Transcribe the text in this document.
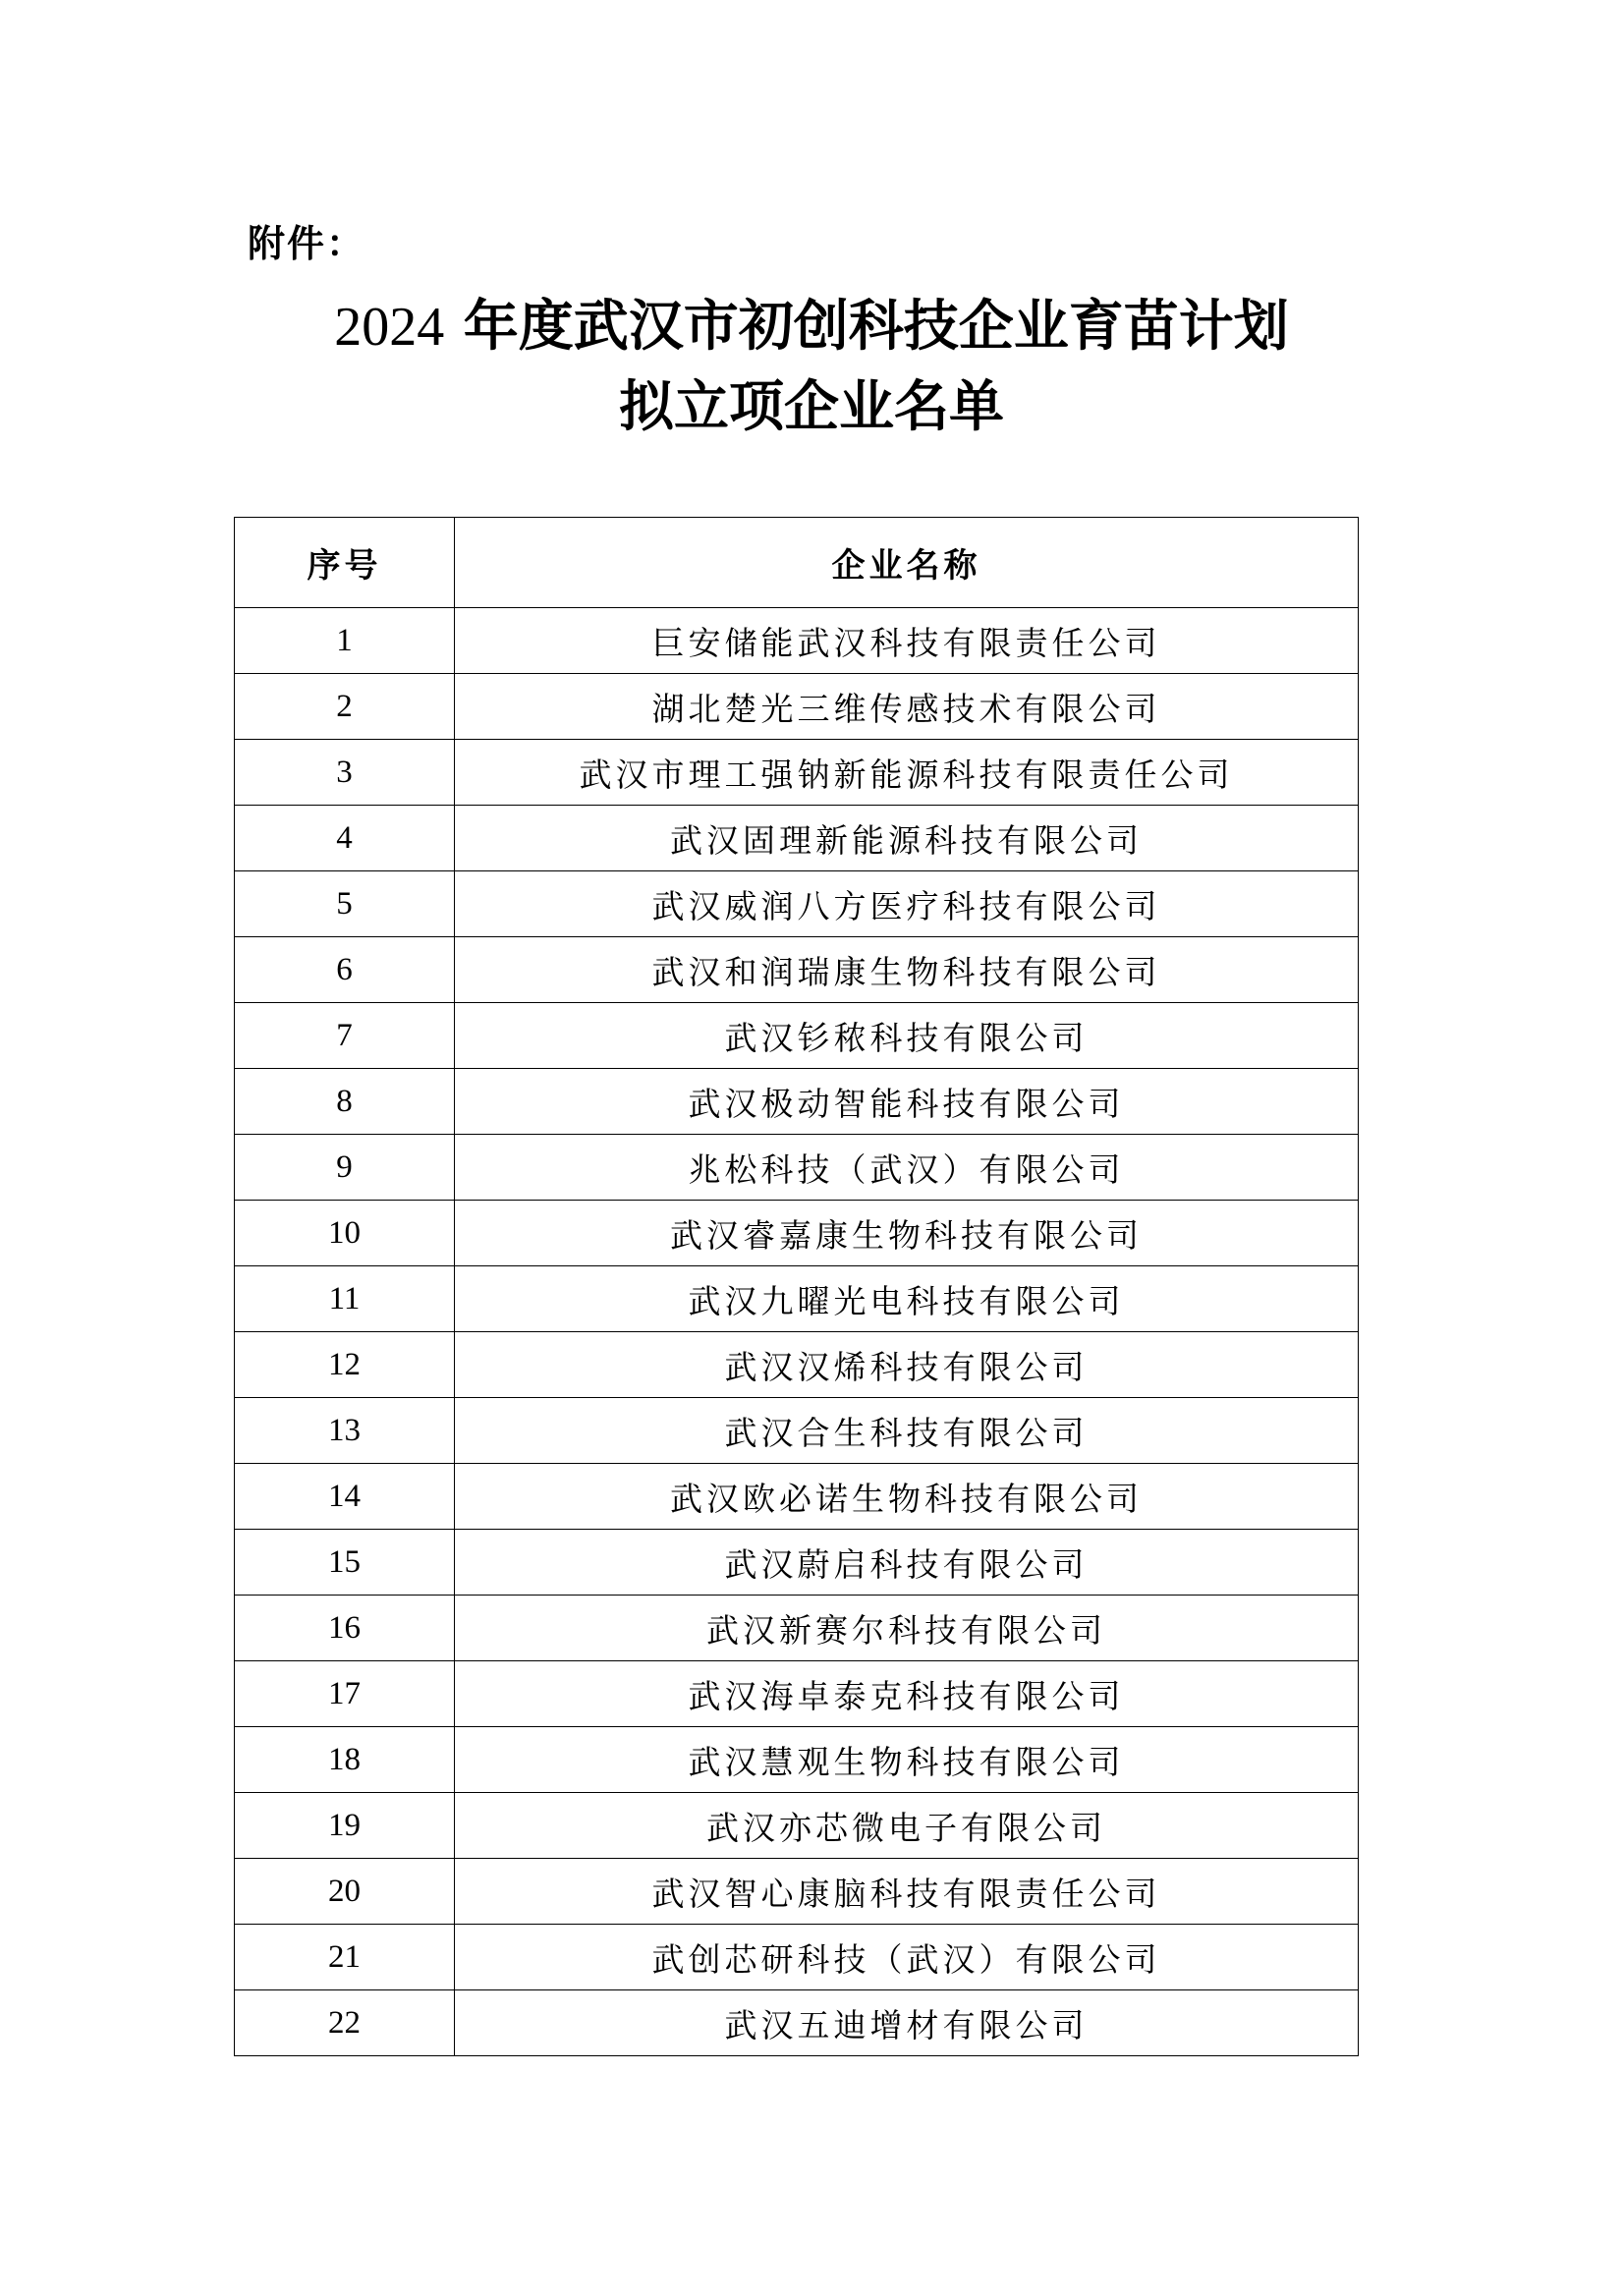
附件：
2024 年度武汉市初创科技企业育苗计划
拟立项企业名单
序号	企业名称
1	巨安储能武汉科技有限责任公司
2	湖北楚光三维传感技术有限公司
3	武汉市理工强钠新能源科技有限责任公司
4	武汉固理新能源科技有限公司
5	武汉威润八方医疗科技有限公司
6	武汉和润瑞康生物科技有限公司
7	武汉钐秾科技有限公司
8	武汉极动智能科技有限公司
9	兆松科技（武汉）有限公司
10	武汉睿嘉康生物科技有限公司
11	武汉九曜光电科技有限公司
12	武汉汉烯科技有限公司
13	武汉合生科技有限公司
14	武汉欧必诺生物科技有限公司
15	武汉蔚启科技有限公司
16	武汉新赛尔科技有限公司
17	武汉海卓泰克科技有限公司
18	武汉慧观生物科技有限公司
19	武汉亦芯微电子有限公司
20	武汉智心康脑科技有限责任公司
21	武创芯研科技（武汉）有限公司
22	武汉五迪增材有限公司
